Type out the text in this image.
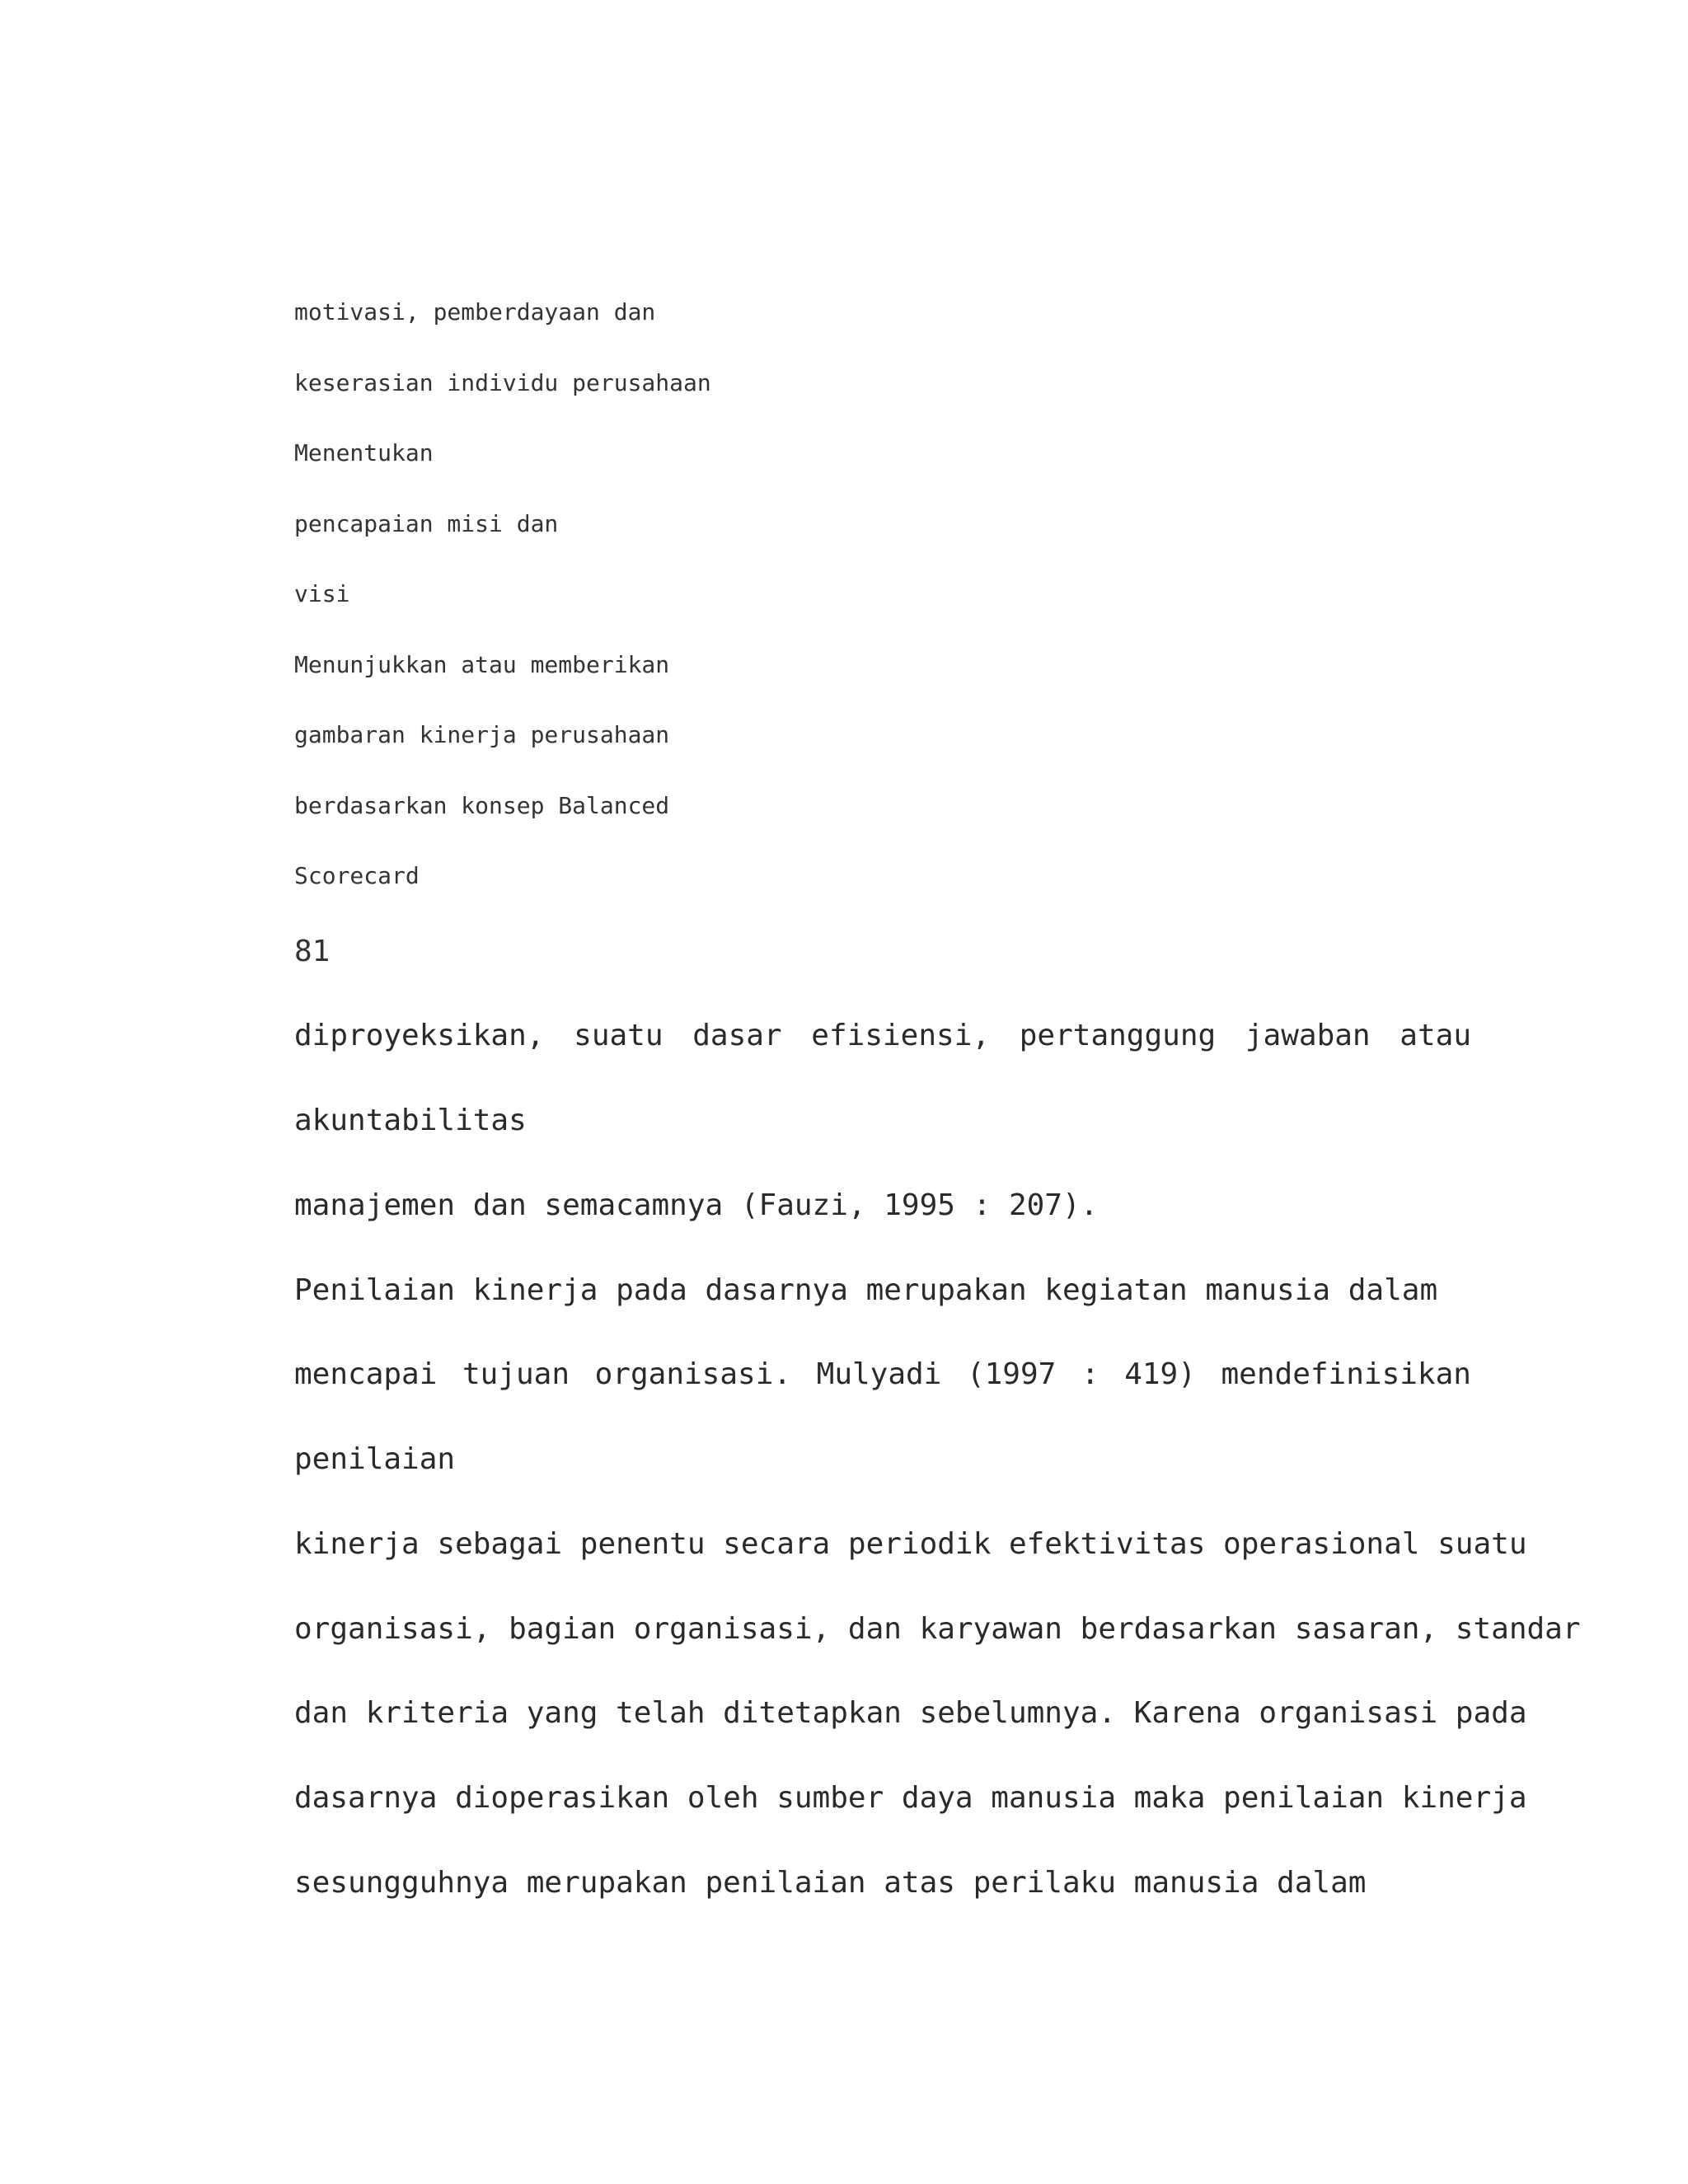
motivasi, pemberdayaan dan
keserasian individu perusahaan
Menentukan
pencapaian misi dan
visi
Menunjukkan atau memberikan
gambaran kinerja perusahaan
berdasarkan konsep Balanced
Scorecard
81
diproyeksikan, suatu dasar efisiensi, pertanggung jawaban atau
akuntabilitas
manajemen dan semacamnya (Fauzi, 1995 : 207).
Penilaian kinerja pada dasarnya merupakan kegiatan manusia dalam
mencapai tujuan organisasi. Mulyadi (1997 : 419) mendefinisikan
penilaian
kinerja sebagai penentu secara periodik efektivitas operasional suatu
organisasi, bagian organisasi, dan karyawan berdasarkan sasaran, standar
dan kriteria yang telah ditetapkan sebelumnya. Karena organisasi pada
dasarnya dioperasikan oleh sumber daya manusia maka penilaian kinerja
sesungguhnya merupakan penilaian atas perilaku manusia dalam
